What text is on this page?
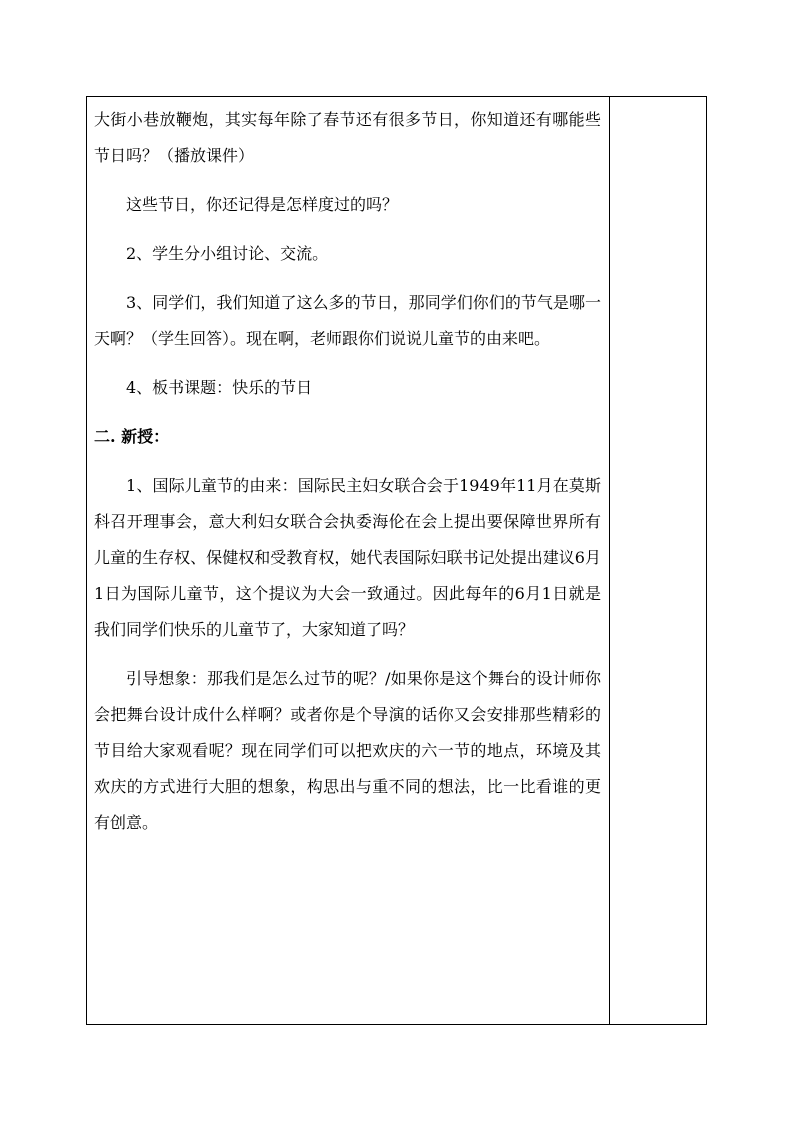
大街小巷放鞭炮，其实每年除了春节还有很多节日，你知道还有哪能些节日吗？（播放课件）

这些节日，你还记得是怎样度过的吗？

2、学生分小组讨论、交流。

3、同学们，我们知道了这么多的节日，那同学们你们的节气是哪一天啊？（学生回答）。现在啊，老师跟你们说说儿童节的由来吧。

4、板书课题：快乐的节日

二. 新授：

1、国际儿童节的由来：国际民主妇女联合会于1949年11月在莫斯科召开理事会，意大利妇女联合会执委海伦在会上提出要保障世界所有儿童的生存权、保健权和受教育权，她代表国际妇联书记处提出建议6月1日为国际儿童节，这个提议为大会一致通过。因此每年的6月1日就是我们同学们快乐的儿童节了，大家知道了吗？

引导想象：那我们是怎么过节的呢？/如果你是这个舞台的设计师你会把舞台设计成什么样啊？或者你是个导演的话你又会安排那些精彩的节目给大家观看呢？现在同学们可以把欢庆的六一节的地点，环境及其欢庆的方式进行大胆的想象，构思出与重不同的想法，比一比看谁的更有创意。
